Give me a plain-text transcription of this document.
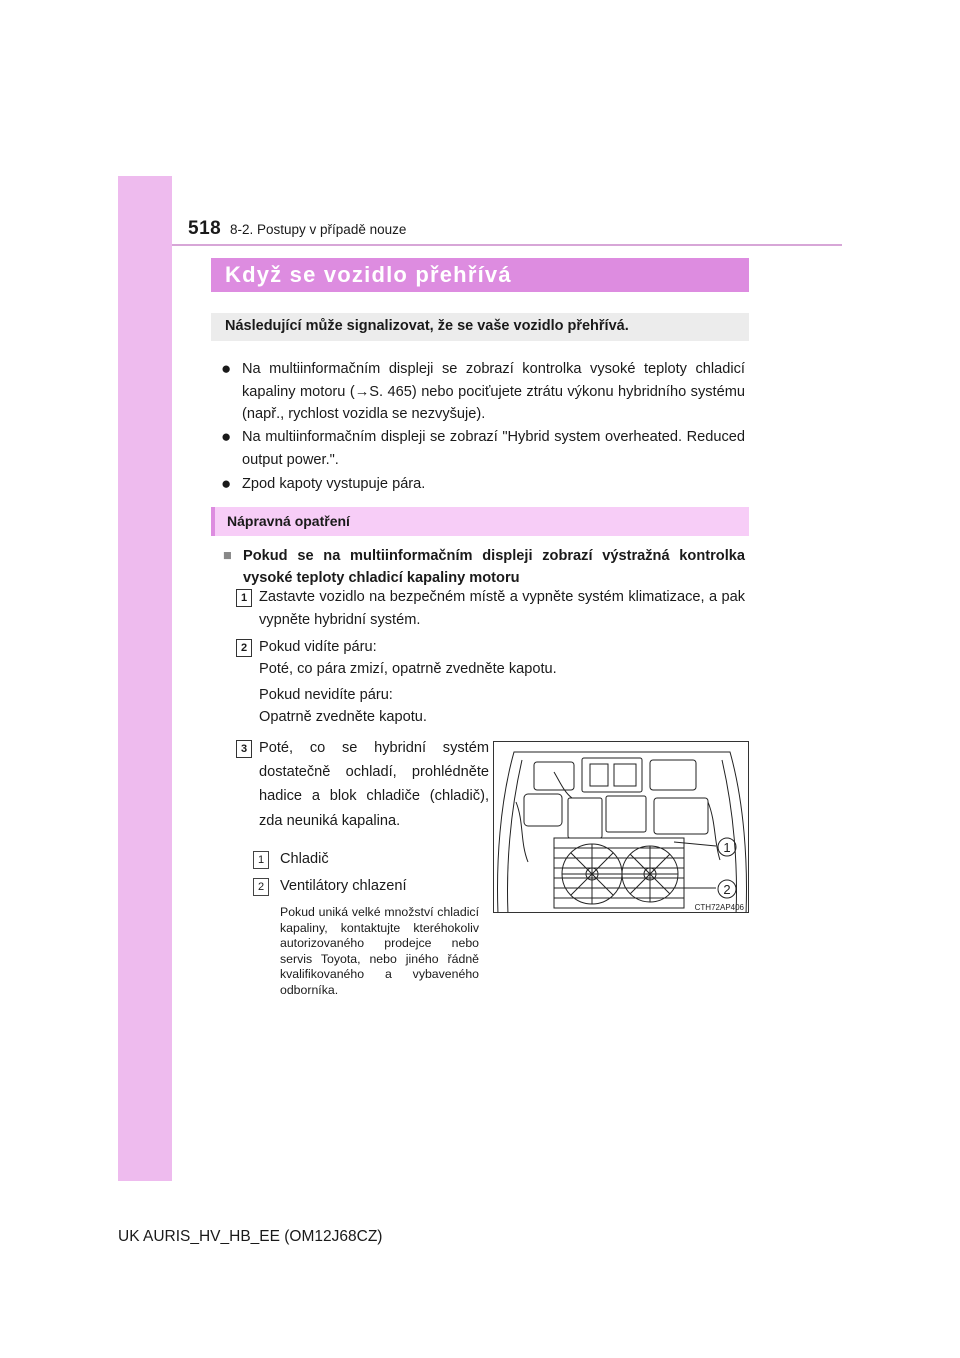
518 8-2. Postupy v případě nouze
Když se vozidlo přehřívá
Následující může signalizovat, že se vaše vozidlo přehřívá.
● Na multiinformačním displeji se zobrazí kontrolka vysoké teploty chladicí kapaliny motoru (→S. 465) nebo pociťujete ztrátu výkonu hybridního systému (např., rychlost vozidla se nezvyšuje).
● Na multiinformačním displeji se zobrazí "Hybrid system overheated. Reduced output power.".
● Zpod kapoty vystupuje pára.
Nápravná opatření
■ Pokud se na multiinformačním displeji zobrazí výstražná kontrolka vysoké teploty chladicí kapaliny motoru
1 Zastavte vozidlo na bezpečném místě a vypněte systém klimatizace, a pak vypněte hybridní systém.
2 Pokud vidíte páru:
Poté, co pára zmizí, opatrně zvedněte kapotu.
Pokud nevidíte páru:
Opatrně zvedněte kapotu.
3 Poté, co se hybridní systém dostatečně ochladí, prohlédněte hadice a blok chladiče (chladič), zda neuniká kapalina.
1	Chladič
2	Ventilátory chlazení
Pokud uniká velké množství chladicí kapaliny, kontaktujte kteréhokoliv autorizovaného prodejce nebo servis Toyota, nebo jiného řádně kvalifikovaného a vybaveného odborníka.
1
2
CTH72AP406
UK AURIS_HV_HB_EE (OM12J68CZ)
